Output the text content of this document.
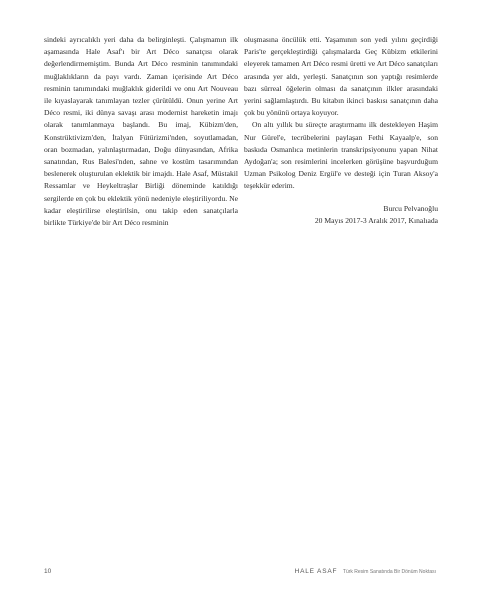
sindeki ayrıcalıklı yeri daha da belirginleşti. Çalışmamın ilk aşamasında Hale Asaf'ı bir Art Déco sanatçısı olarak değerlendirmemiştim. Bunda Art Déco resminin tanımındaki muğlaklıkların da payı vardı. Zaman içerisinde Art Déco resminin tanımındaki muğlaklık giderildi ve onu Art Nouveau ile kıyaslayarak tanımlayan tezler çürütüldü. Onun yerine Art Déco resmi, iki dünya savaşı arası modernist hareketin imajı olarak tanımlanmaya başlandı. Bu imaj, Kübizm'den, Konstrüktivizm'den, İtalyan Fütürizmi'nden, soyutlamadan, oran bozmadan, yalınlaştırmadan, Doğu dünyasından, Afrika sanatından, Rus Balesi'nden, sahne ve kostüm tasarımından beslenerek oluşturulan eklektik bir imajdı. Hale Asaf, Müstakil Ressamlar ve Heykeltraşlar Birliği döneminde katıldığı sergilerde en çok bu eklektik yönü nedeniyle eleştiriliyordu. Ne kadar eleştirilirse eleştirilsin, onu takip eden sanatçılarla birlikte Türkiye'de bir Art Déco resminin

oluşmasına öncülük etti. Yaşamının son yedi yılını geçirdiği Paris'te gerçekleştirdiği çalışmalarda Geç Kübizm etkilerini eleyerek tamamen Art Déco resmi üretti ve Art Déco sanatçıları arasında yer aldı, yerleşti. Sanatçının son yaptığı resimlerde bazı sürreal öğelerin olması da sanatçının ilkler arasındaki yerini sağlamlaştırdı. Bu kitabın ikinci baskısı sanatçının daha çok bu yönünü ortaya koyuyor.

On altı yıllık bu süreçte araştırmamı ilk destekleyen Haşim Nur Gürel'e, tecrübelerini paylaşan Fethi Kayaalp'e, son baskıda Osmanlıca metinlerin transkripsiyonunu yapan Nihat Aydoğan'a; son resimlerini incelerken görüşüne başvurduğum Uzman Psikolog Deniz Ergül'e ve desteği için Turan Aksoy'a teşekkür ederim.

Burcu Pelvanoğlu
20 Mayıs 2017-3 Aralık 2017, Kınalıada
10	HALE ASAF Türk Resim Sanatında Bir Dönüm Noktası
